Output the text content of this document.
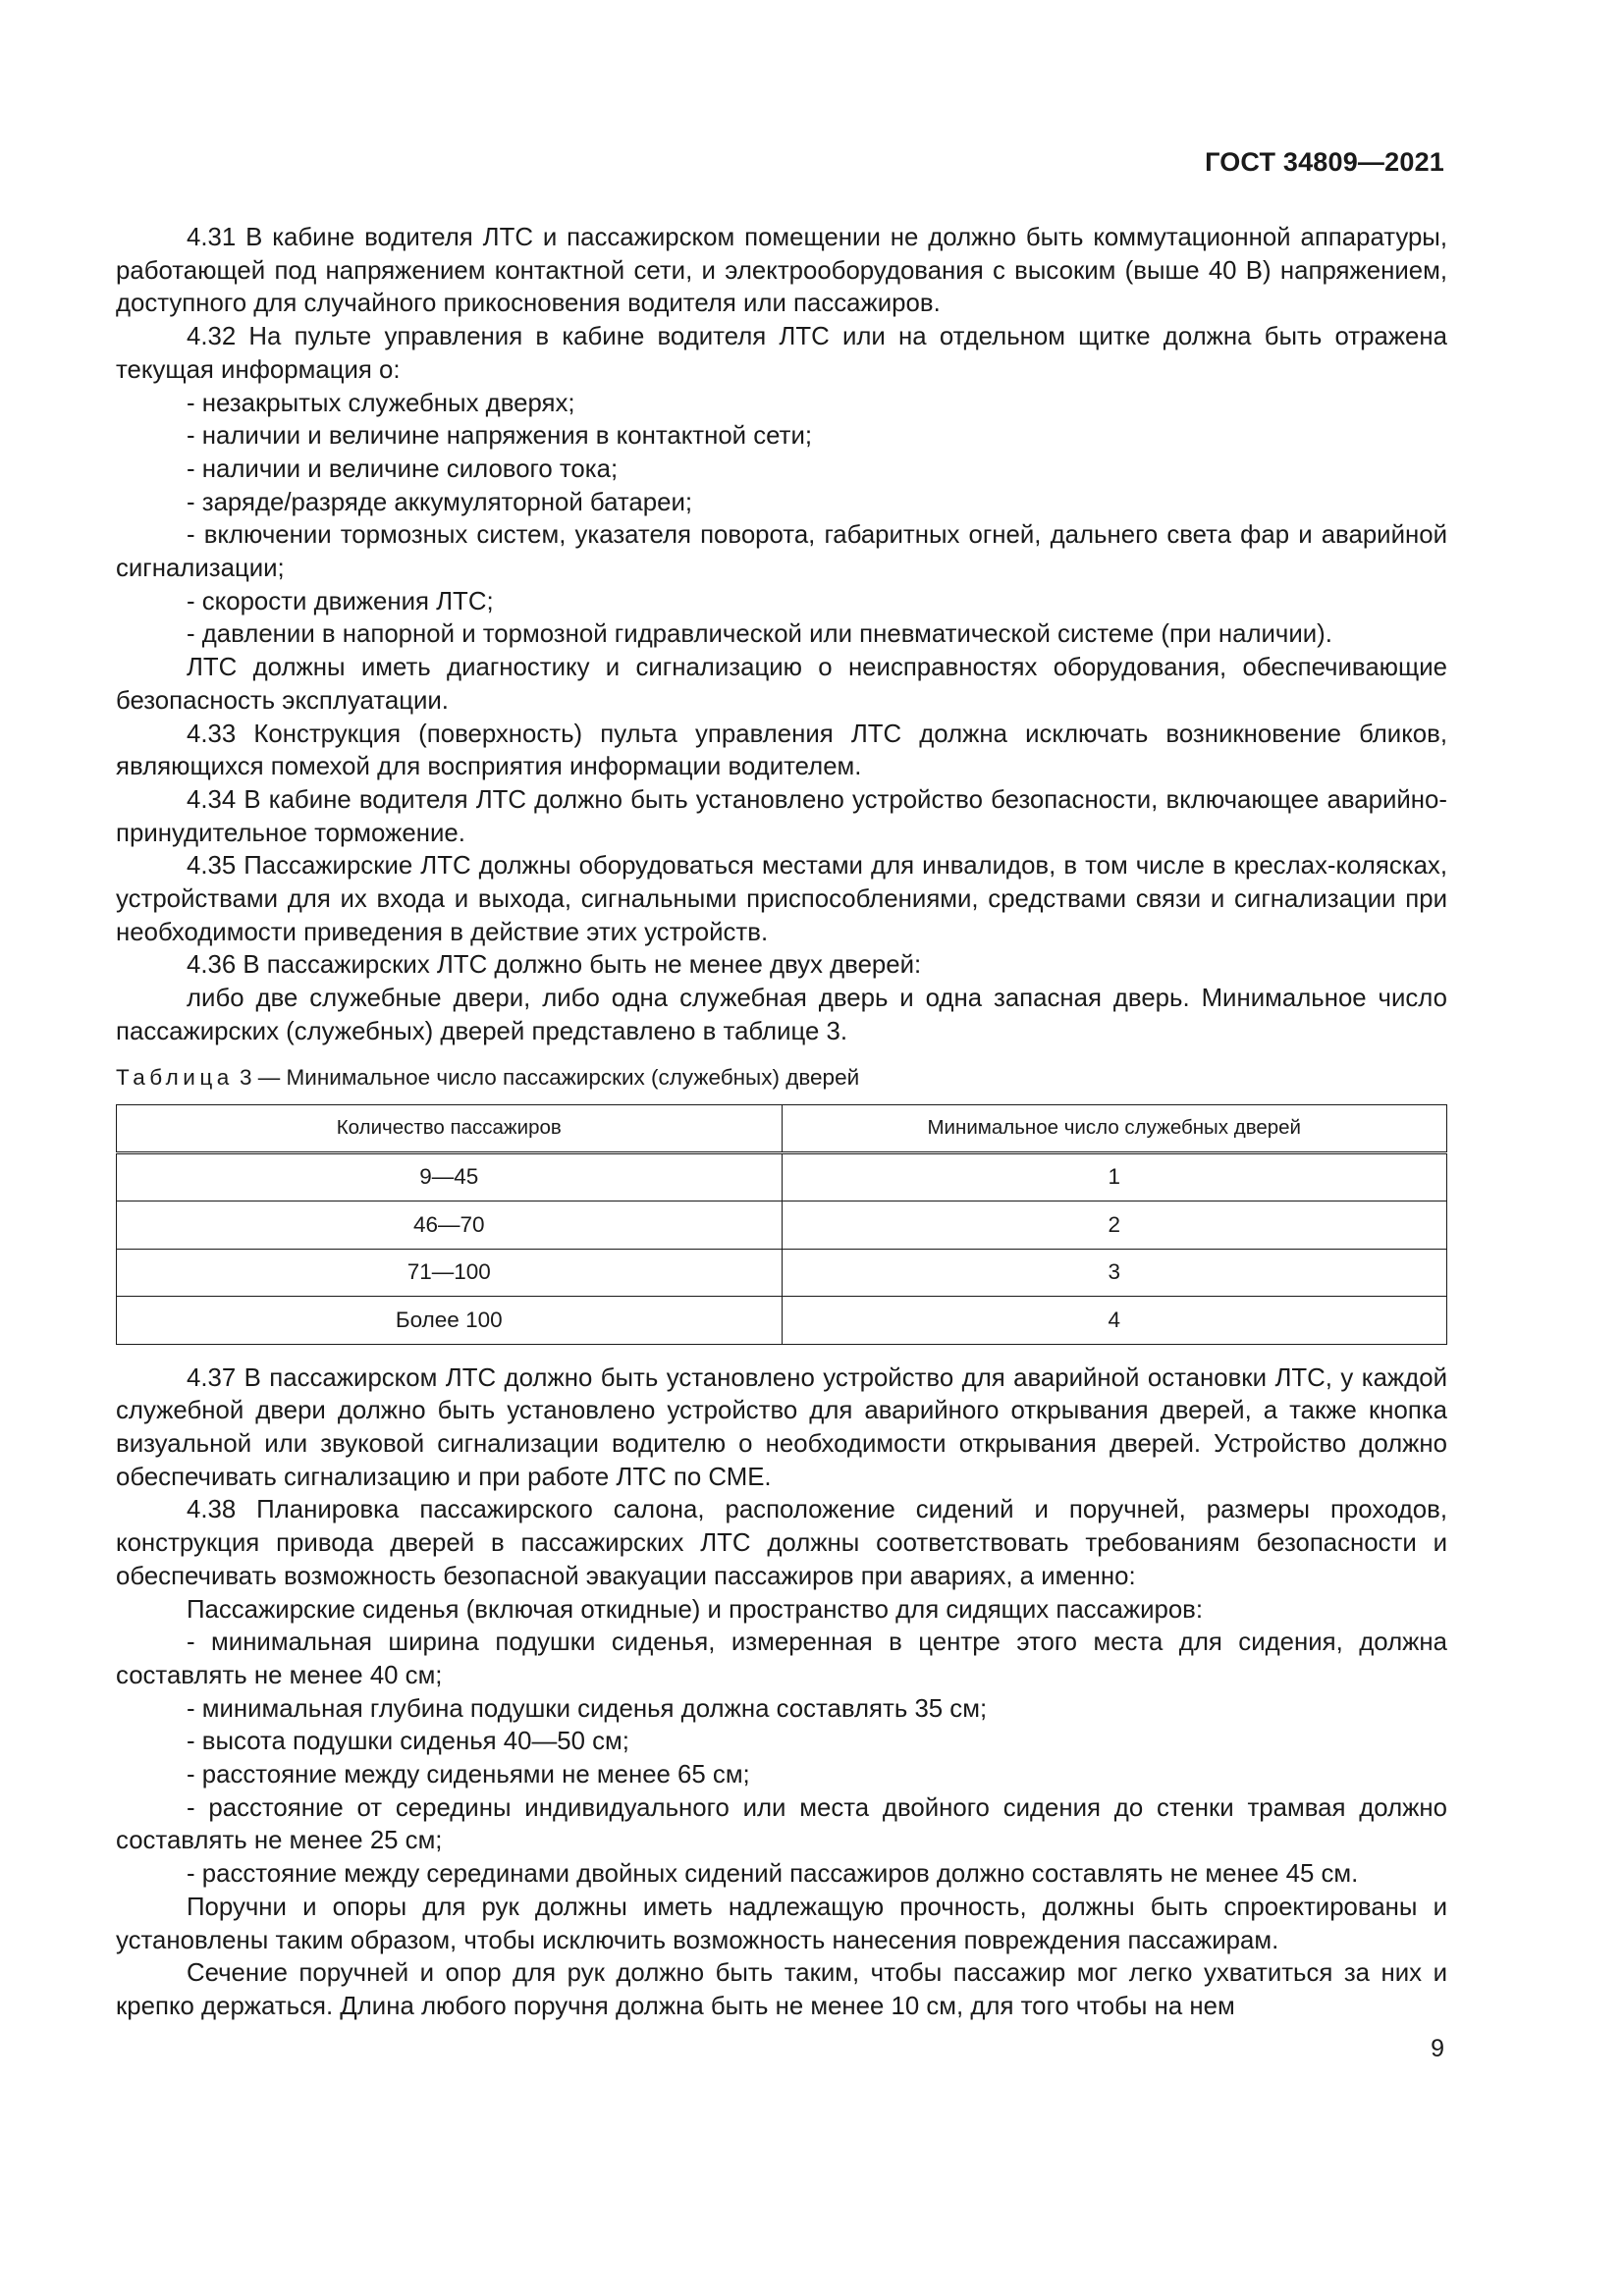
ГОСТ 34809—2021

4.31 В кабине водителя ЛТС и пассажирском помещении не должно быть коммутационной аппаратуры, работающей под напряжением контактной сети, и электрооборудования с высоким (выше 40 В) напряжением, доступного для случайного прикосновения водителя или пассажиров.

4.32 На пульте управления в кабине водителя ЛТС или на отдельном щитке должна быть отражена текущая информация о:

- незакрытых служебных дверях;

- наличии и величине напряжения в контактной сети;

- наличии и величине силового тока;

- заряде/разряде аккумуляторной батареи;

- включении тормозных систем, указателя поворота, габаритных огней, дальнего света фар и аварийной сигнализации;

- скорости движения ЛТС;

- давлении в напорной и тормозной гидравлической или пневматической системе (при наличии).

ЛТС должны иметь диагностику и сигнализацию о неисправностях оборудования, обеспечивающие безопасность эксплуатации.

4.33 Конструкция (поверхность) пульта управления ЛТС должна исключать возникновение бликов, являющихся помехой для восприятия информации водителем.

4.34 В кабине водителя ЛТС должно быть установлено устройство безопасности, включающее аварийно-принудительное торможение.

4.35 Пассажирские ЛТС должны оборудоваться местами для инвалидов, в том числе в креслах-колясках, устройствами для их входа и выхода, сигнальными приспособлениями, средствами связи и сигнализации при необходимости приведения в действие этих устройств.

4.36 В пассажирских ЛТС должно быть не менее двух дверей:

либо две служебные двери, либо одна служебная дверь и одна запасная дверь. Минимальное число пассажирских (служебных) дверей представлено в таблице 3.

Таблица 3 — Минимальное число пассажирских (служебных) дверей
Количество пассажиров	Минимальное число служебных дверей
9—45	1
46—70	2
71—100	3
Более 100	4

4.37 В пассажирском ЛТС должно быть установлено устройство для аварийной остановки ЛТС, у каждой служебной двери должно быть установлено устройство для аварийного открывания дверей, а также кнопка визуальной или звуковой сигнализации водителю о необходимости открывания дверей. Устройство должно обеспечивать сигнализацию и при работе ЛТС по СМЕ.

4.38 Планировка пассажирского салона, расположение сидений и поручней, размеры проходов, конструкция привода дверей в пассажирских ЛТС должны соответствовать требованиям безопасности и обеспечивать возможность безопасной эвакуации пассажиров при авариях, а именно:

Пассажирские сиденья (включая откидные) и пространство для сидящих пассажиров:

- минимальная ширина подушки сиденья, измеренная в центре этого места для сидения, должна составлять не менее 40 см;

- минимальная глубина подушки сиденья должна составлять 35 см;

- высота подушки сиденья 40—50 см;

- расстояние между сиденьями не менее 65 см;

- расстояние от середины индивидуального или места двойного сидения до стенки трамвая должно составлять не менее 25 см;

- расстояние между серединами двойных сидений пассажиров должно составлять не менее 45 см.

Поручни и опоры для рук должны иметь надлежащую прочность, должны быть спроектированы и установлены таким образом, чтобы исключить возможность нанесения повреждения пассажирам.

Сечение поручней и опор для рук должно быть таким, чтобы пассажир мог легко ухватиться за них и крепко держаться. Длина любого поручня должна быть не менее 10 см, для того чтобы на нем

9
